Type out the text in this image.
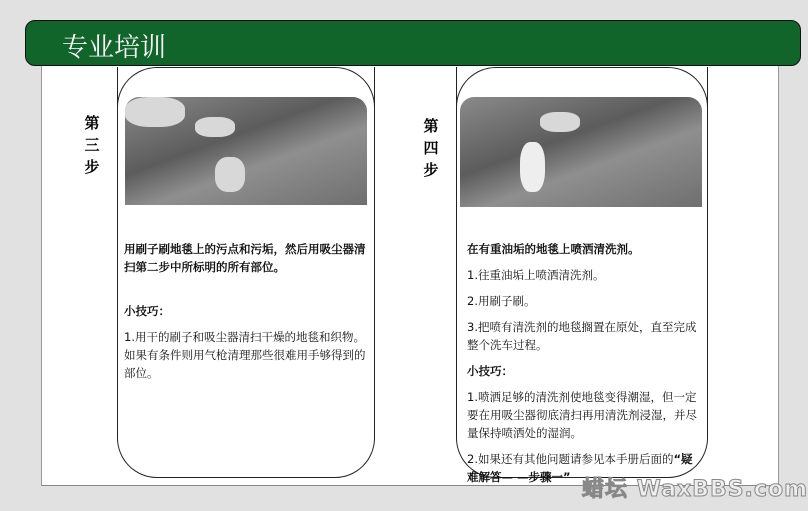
专业培训
第
三
步

用刷子刷地毯上的污点和污垢，然后用吸尘器清扫第二步中所标明的所有部位。

小技巧：

1.用干的刷子和吸尘器清扫干燥的地毯和织物。如果有条件则用气枪清理那些很难用手够得到的部位。

第
四
步

在有重油垢的地毯上喷洒清洗剂。

1.往重油垢上喷洒清洗剂。

2.用刷子刷。

3.把喷有清洗剂的地毯搁置在原处，直至完成整个洗车过程。

小技巧：

1.喷洒足够的清洗剂使地毯变得潮湿，但一定要在用吸尘器彻底清扫再用清洗剂浸湿，并尽量保持喷洒处的湿润。

2.如果还有其他问题请参见本手册后面的“疑难解答— —步骤一” 蜡坛 WaxBBS.com
